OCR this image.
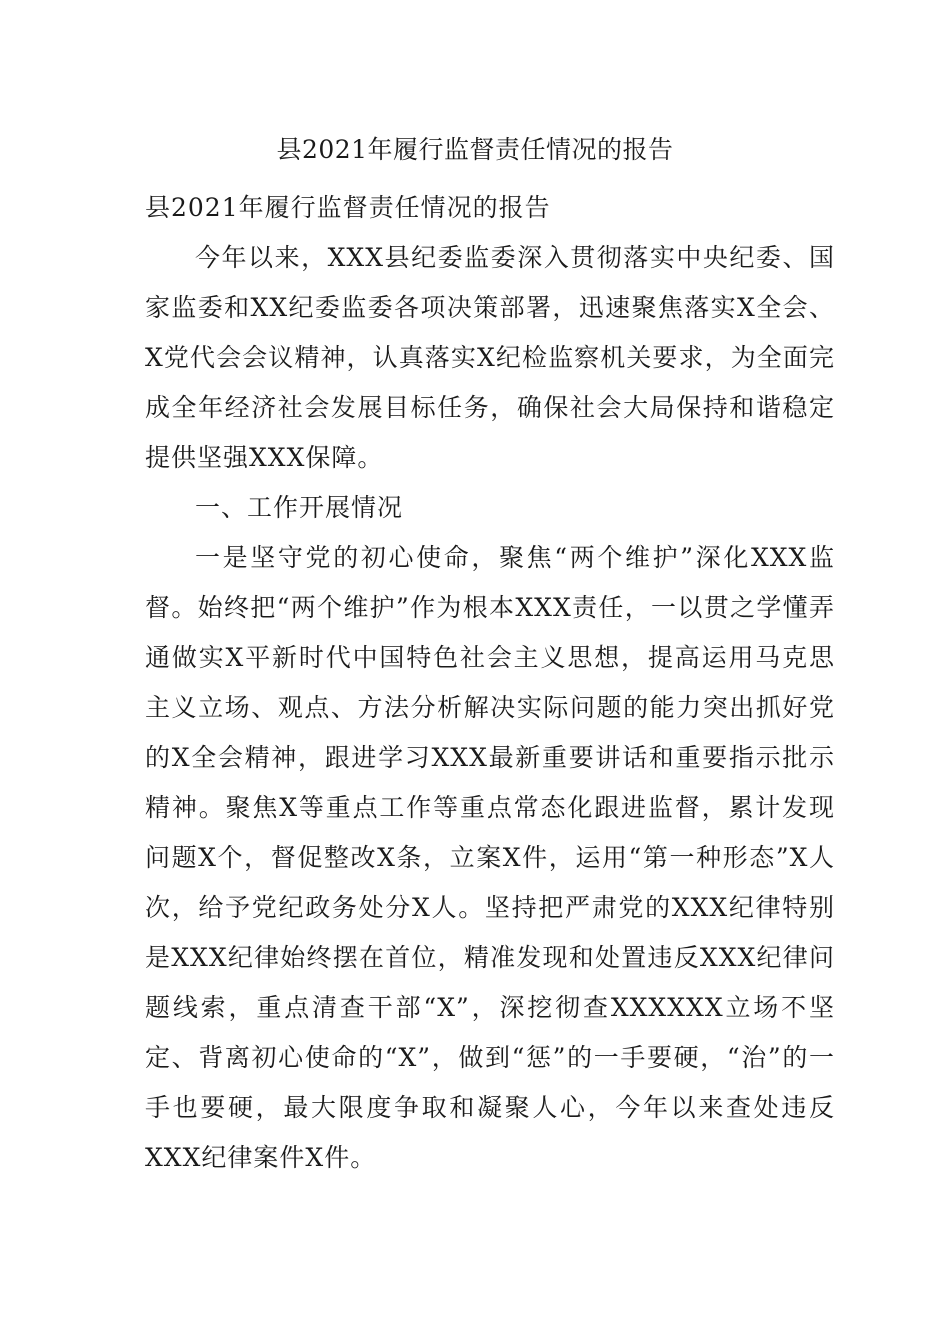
县2021年履行监督责任情况的报告

县2021年履行监督责任情况的报告

今年以来，XXX县纪委监委深入贯彻落实中央纪委、国家监委和XX纪委监委各项决策部署，迅速聚焦落实X全会、X党代会会议精神，认真落实X纪检监察机关要求，为全面完成全年经济社会发展目标任务，确保社会大局保持和谐稳定提供坚强XXX保障。

一、工作开展情况

一是坚守党的初心使命，聚焦“两个维护”深化XXX监督。始终把“两个维护”作为根本XXX责任，一以贯之学懂弄通做实X平新时代中国特色社会主义思想，提高运用马克思主义立场、观点、方法分析解决实际问题的能力突出抓好党的X全会精神，跟进学习XXX最新重要讲话和重要指示批示精神。聚焦X等重点工作等重点常态化跟进监督，累计发现问题X个，督促整改X条，立案X件，运用“第一种形态”X人次，给予党纪政务处分X人。坚持把严肃党的XXX纪律特别是XXX纪律始终摆在首位，精准发现和处置违反XXX纪律问题线索，重点清查干部“X”，深挖彻查XXXXXX立场不坚定、背离初心使命的“X”，做到“惩”的一手要硬，“治”的一手也要硬，最大限度争取和凝聚人心，今年以来查处违反XXX纪律案件X件。
